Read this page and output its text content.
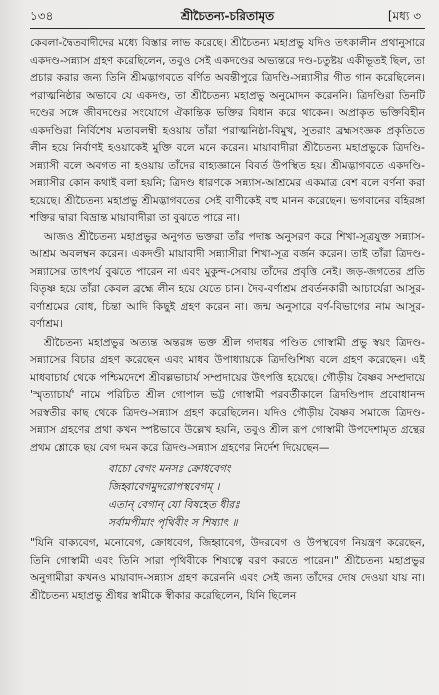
১৩৪	শ্রীচৈতন্য-চরিতামৃত	[মধ্য ৩

কেবলা-দ্বৈতবাদীদের মধ্যে বিস্তার লাভ করেছে। শ্রীচৈতন্য মহাপ্রভু যদিও তৎকালীন প্রথানুসারে একদণ্ড-সন্ন্যাস গ্রহণ করেছিলেন, তবুও সেই একদণ্ডের অভ্যন্তরে দণ্ড-চতুষ্টয় একীভূতই ছিল, তা প্রচার করার জন্য তিনি শ্রীমদ্ভাগবতে বর্ণিত অবন্তীপুরে ত্রিদণ্ডি-সন্ন্যাসীর গীত গান করেছিলেন। পরাত্মনিষ্ঠার অভাবে যে একদণ্ড, তা শ্রীচৈতন্য মহাপ্রভু অনুমোদন করেননি। ত্রিদণ্ডিরা তিনটি দণ্ডের সঙ্গে জীবদণ্ডের সংযোগে ঐকান্তিক ভক্তির বিধান করে থাকেন। অপ্রাকৃত ভক্তিবিহীন একদণ্ডিরা নির্বিশেষ মতাবলম্বী হওয়ায় তাঁরা পরাত্মনিষ্ঠা-বিমুখ, সুতরাং ব্রহ্মসংজ্ঞক প্রকৃতিতে লীন হয়ে নির্বাণই হওয়াকেই মুক্তি বলে মনে করেন। মায়াবাদীরা শ্রীচৈতন্য মহাপ্রভুকে ত্রিদণ্ডি-সন্ন্যাসী বলে অবগত না হওয়ায় তাঁদের বাহ্যজ্ঞানে বিবর্ত উপস্থিত হয়। শ্রীমদ্ভাগবতে একদণ্ডি-সন্ন্যাসীর কোন কথাই বলা হয়নি; ত্রিদণ্ড ধারণকে সন্ন্যাস-আশ্রমের একমাত্র বেশ বলে বর্ণনা করা হয়েছে। শ্রীচৈতন্য মহাপ্রভু শ্রীমদ্ভাগবতের সেই বাণীকেই বহু মানন করেছেন। ভগবানের বহিরঙ্গা শক্তির দ্বারা বিভ্রান্ত মায়াবাদীরা তা বুঝতে পারে না।

আজও শ্রীচৈতন্য মহাপ্রভুর অনুগত ভক্তরা তাঁর পদাঙ্ক অনুসরণ করে শিখা-সূত্রযুক্ত সন্ন্যাস-আশ্রম অবলম্বন করেন। একদণ্ডী মায়াবাদী সন্ন্যাসীরা শিখা-সূত্র বর্জন করেন। তাই তাঁরা ত্রিদণ্ড-সন্ন্যাসের তাৎপর্য বুঝতে পারেন না এবং মুকুন্দ-সেবায় তাঁদের প্রবৃত্তি নেই। জড়-জগতের প্রতি বিতৃষ্ণ হয়ে তাঁরা কেবল ব্রহ্মে লীন হয়ে যেতে চান। দৈব-বর্ণাশ্রম প্রবর্তনকারী আচার্যেরা আসুর-বর্ণাশ্রমের বোধ, চিন্তা আদি কিছুই গ্রহণ করেন না। জন্ম অনুসারে বর্ণ-বিভাগের নাম আসুর-বর্ণাশ্রম।

শ্রীচৈতন্য মহাপ্রভুর অত্যন্ত অন্তরঙ্গ ভক্ত শ্রীল গদাধর পণ্ডিত গোস্বামী প্রভু স্বয়ং ত্রিদণ্ড-সন্ন্যাসের বিচার গ্রহণ করেছেন এবং মাধব উপাধ্যায়কে ত্রিদণ্ডিশিষ্য বলে গ্রহণ করেছেন। এই মাধবাচার্য থেকে পশ্চিমদেশে শ্রীবল্লভাচার্য সম্প্রদায়ের উৎপত্তি হয়েছে। গৌড়ীয় বৈষ্ণব সম্প্রদায়ে 'স্মৃত্যাচার্য' নামে পরিচিত শ্রীল গোপাল ভট্ট গোস্বামী পরবর্তীকালে ত্রিদণ্ডিপাদ প্রবোধানন্দ সরস্বতীর কাছ থেকে ত্রিদণ্ড-সন্ন্যাস গ্রহণ করেছিলেন। যদিও গৌড়ীয় বৈষ্ণব সমাজে ত্রিদণ্ড-সন্ন্যাস গ্রহণের প্রথা কখন স্পষ্টভাবে উল্লেখ হয়নি, তবুও শ্রীল রূপ গোস্বামী উপদেশামৃত গ্রন্থের প্রথম শ্লোকে ছয় বেগ দমন করে ত্রিদণ্ড-সন্ন্যাস গ্রহণের নির্দেশ দিয়েছেন—

বাচো বেগং মনসঃ ক্রোধবেগং
জিহ্বাবেগমুদরোপস্থবেগম্ ।
এতান্ বেগান্ যো বিষহেত ধীরঃ
সর্বামপীমাং পৃথিবীং স শিষ্যাৎ ॥

"যিনি বাক্যবেগ, মনোবেগ, ক্রোধবেগ, জিহ্বাবেগ, উদরবেগ ও উপস্থবেগ নিয়ন্ত্রণ করেছেন, তিনি গোস্বামী এবং তিনি সারা পৃথিবীকে শিষ্যত্বে বরণ করতে পারেন।" শ্রীচৈতন্য মহাপ্রভুর অনুগামীরা কখনও মায়াবাদ-সন্ন্যাস গ্রহণ করেননি এবং সেই জন্য তাঁদের দোষ দেওয়া যায় না। শ্রীচৈতন্য মহাপ্রভু শ্রীধর স্বামীকে স্বীকার করেছিলেন, যিনি ছিলেন
